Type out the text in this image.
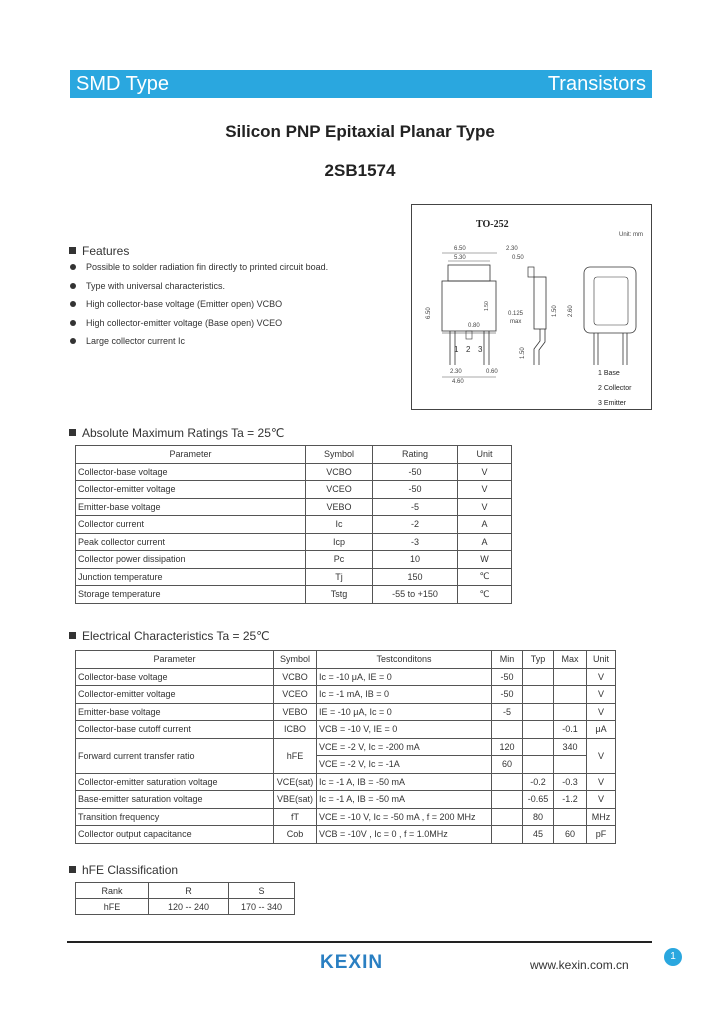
SMD Type	Transistors
Silicon PNP Epitaxial Planar Type
2SB1574
TO-252
Unit: mm
6.50
5.30
2.30
0.50
1 2 3
6.50
0.80
1.50
2.30
4.60
0.60
0.125
max
2.60
1.50
1.50
1 Base
2 Collector
3 Emitter
Features
Possible to solder radiation fin directly to printed circuit boad.
Type with universal characteristics.
High collector-base voltage (Emitter open) VCBO
High collector-emitter voltage (Base open) VCEO
Large collector current Ic
Absolute Maximum Ratings Ta = 25℃
Parameter	Symbol	Rating	Unit
Collector-base voltage	VCBO	-50	V
Collector-emitter voltage	VCEO	-50	V
Emitter-base voltage	VEBO	-5	V
Collector current	Ic	-2	A
Peak collector current	Icp	-3	A
Collector power dissipation	Pc	10	W
Junction temperature	Tj	150	℃
Storage temperature	Tstg	-55 to +150	℃
Electrical Characteristics Ta = 25℃
Parameter	Symbol	Testconditons	Min	Typ	Max	Unit
Collector-base voltage	VCBO	Ic = -10 μA, IE = 0	-50			V
Collector-emitter voltage	VCEO	Ic = -1 mA, IB = 0	-50			V
Emitter-base voltage	VEBO	IE = -10 μA, Ic = 0	-5			V
Collector-base cutoff current	ICBO	VCB = -10 V, IE = 0			-0.1	μA
Forward current transfer ratio	hFE	VCE = -2 V, Ic = -200 mA	120		340	V
		VCE = -2 V, Ic = -1A	60			
Collector-emitter saturation voltage	VCE(sat)	Ic = -1 A, IB = -50 mA		-0.2	-0.3	V
Base-emitter saturation voltage	VBE(sat)	Ic = -1 A, IB = -50 mA		-0.65	-1.2	V
Transition frequency	fT	VCE = -10 V, Ic = -50 mA , f = 200 MHz		80		MHz
Collector output capacitance	Cob	VCB = -10V , Ic = 0 , f = 1.0MHz		45	60	pF
hFE Classification
Rank	R	S
hFE	120 -- 240	170 -- 340
KEXIN	www.kexin.com.cn
1
